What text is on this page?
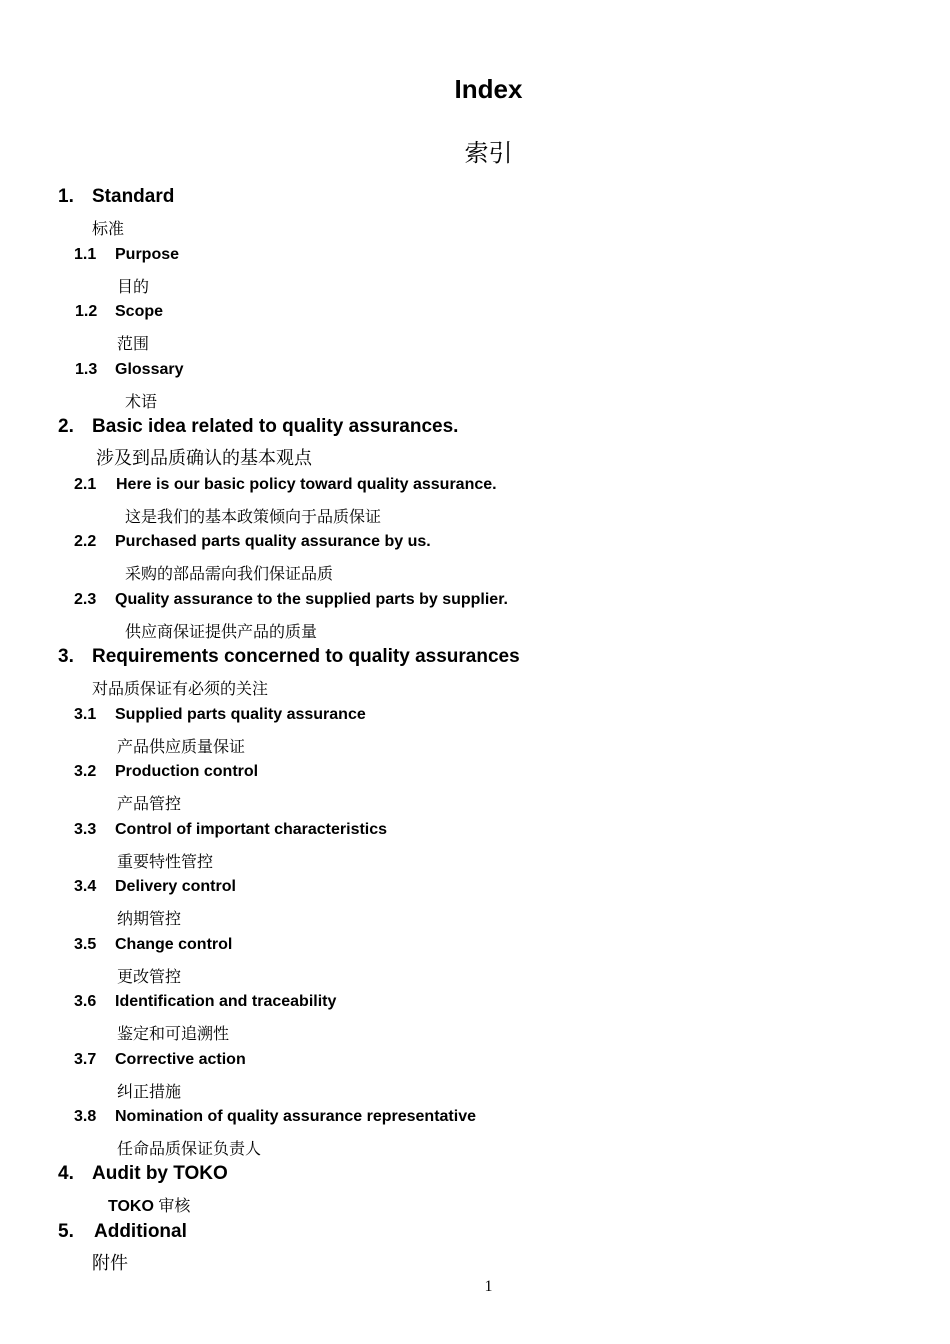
Index
索引
1. Standard
标准
1.1 Purpose
目的
1.2 Scope
范围
1.3 Glossary
术语
2. Basic idea related to quality assurances.
涉及到品质确认的基本观点
2.1 Here is our basic policy toward quality assurance.
这是我们的基本政策倾向于品质保证
2.2 Purchased parts quality assurance by us.
采购的部品需向我们保证品质
2.3 Quality assurance to the supplied parts by supplier.
供应商保证提供产品的质量
3. Requirements concerned to quality assurances
对品质保证有必须的关注
3.1 Supplied parts quality assurance
产品供应质量保证
3.2 Production control
产品管控
3.3 Control of important characteristics
重要特性管控
3.4 Delivery control
纳期管控
3.5 Change control
更改管控
3.6 Identification and traceability
鉴定和可追溯性
3.7 Corrective action
纠正措施
3.8 Nomination of quality assurance representative
任命品质保证负责人
4. Audit by TOKO
TOKO 审核
5. Additional
附件
1
